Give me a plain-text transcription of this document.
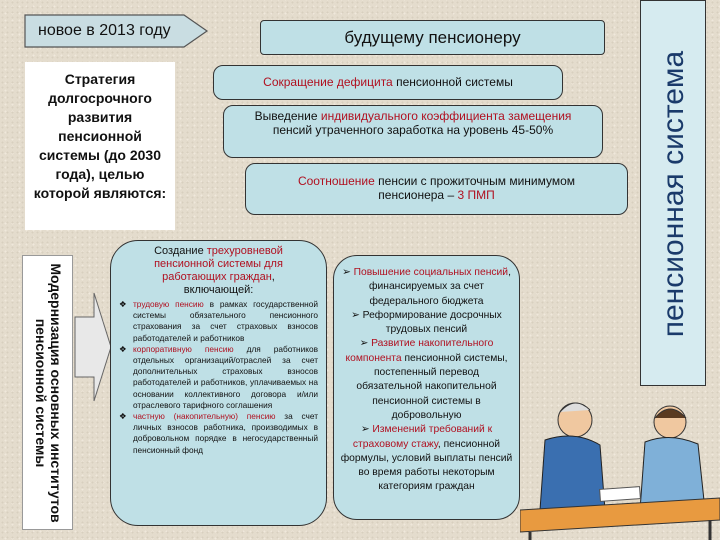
новое в 2013 году	будущему пенсионеру
пенсионная система
Стратегия долгосрочного развития пенсионной системы (до 2030 года), целью которой являются:
Сокращение дефицита пенсионной системы
Выведение индивидуального коэффициента замещения пенсий утраченного заработка на уровень 45-50%
Соотношение пенсии с прожиточным минимумом пенсионера – 3 ПМП
Модернизация основных институтов пенсионной системы
Создание трехуровневой пенсионной системы для работающих граждан, включающей:
❖ трудовую пенсию в рамках государственной системы обязательного пенсионного страхования за счет страховых взносов работодателей и работников
❖ корпоративную пенсию для работников отдельных организаций/отраслей за счет дополнительных страховых взносов работодателей и работников, уплачиваемых на основании коллективного договора и/или отраслевого тарифного соглашения
❖ частную (накопительную) пенсию за счет личных взносов работника, производимых в добровольном порядке в негосударственный пенсионный фонд
➢ Повышение социальных пенсий, финансируемых за счет федерального бюджета
➢ Реформирование досрочных трудовых пенсий
➢ Развитие накопительного компонента пенсионной системы, постепенный перевод обязательной накопительной пенсионной системы в добровольную
➢ Изменений требований к страховому стажу, пенсионной формулы, условий выплаты пенсий во время работы некоторым категориям граждан
